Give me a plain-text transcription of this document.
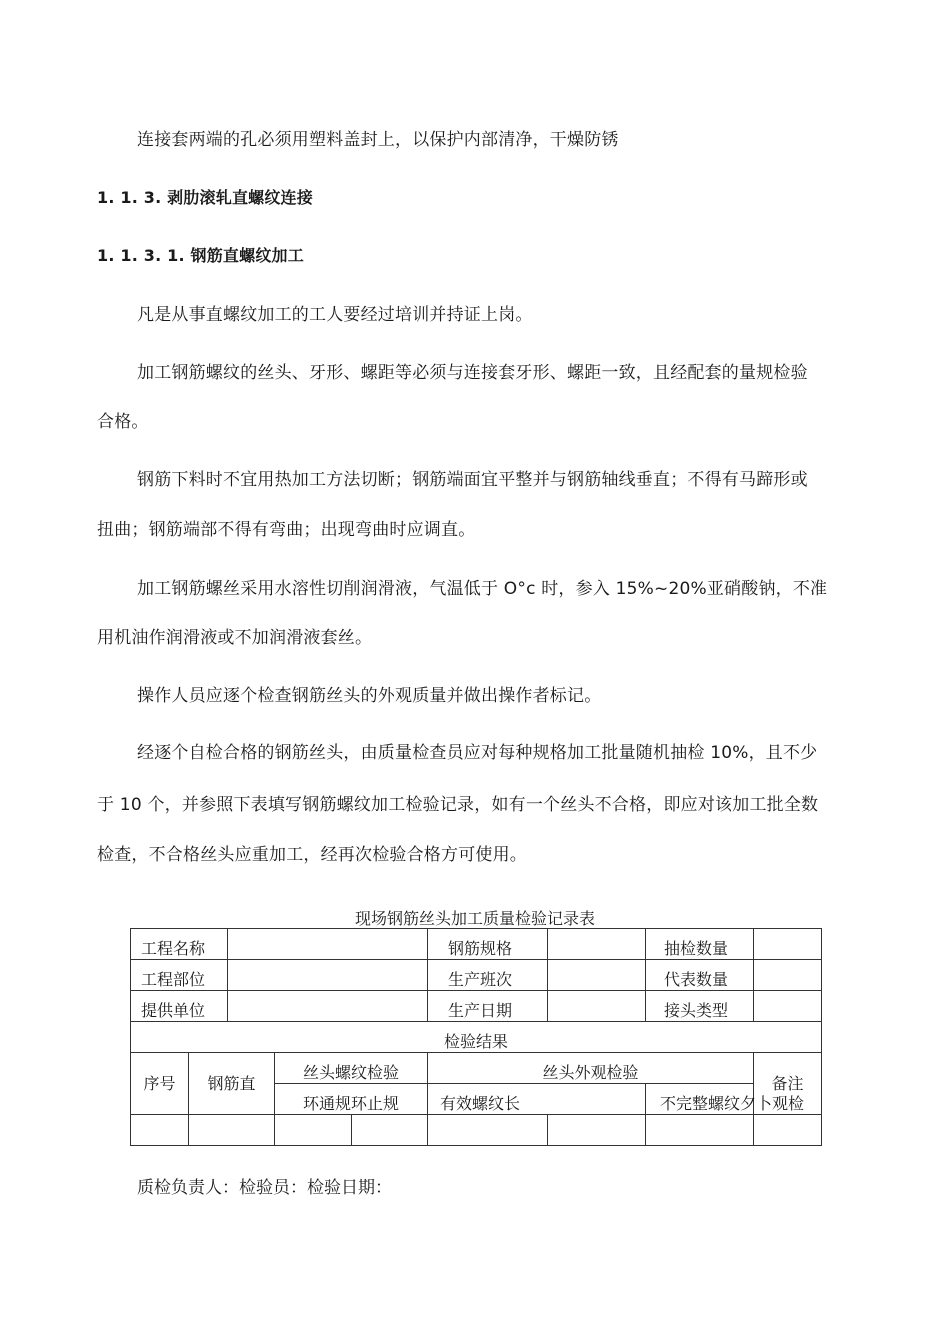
连接套两端的孔必须用塑料盖封上，以保护内部清净，干燥防锈
1. 1. 3. 剥肋滚轧直螺纹连接
1. 1. 3. 1. 钢筋直螺纹加工
凡是从事直螺纹加工的工人要经过培训并持证上岗。
加工钢筋螺纹的丝头、牙形、螺距等必须与连接套牙形、螺距一致，且经配套的量规检验
合格。
钢筋下料时不宜用热加工方法切断；钢筋端面宜平整并与钢筋轴线垂直；不得有马蹄形或
扭曲；钢筋端部不得有弯曲；出现弯曲时应调直。
加工钢筋螺丝采用水溶性切削润滑液，气温低于 O°c 时，参入 15%~20%亚硝酸钠，不准
用机油作润滑液或不加润滑液套丝。
操作人员应逐个检查钢筋丝头的外观质量并做出操作者标记。
经逐个自检合格的钢筋丝头，由质量检查员应对每种规格加工批量随机抽检 10%，且不少
于 10 个，并参照下表填写钢筋螺纹加工检验记录，如有一个丝头不合格，即应对该加工批全数
检查，不合格丝头应重加工，经再次检验合格方可使用。
现场钢筋丝头加工质量检验记录表
工程名称					钢筋规格		抽检数量	
工程部位					生产班次		代表数量	
提供单位					生产日期		接头类型	
检验结果								
序号	钢筋直		丝头螺纹检验		丝头外观检验			备注
			环通规环止规		有效螺纹长		不完整螺纹夕卜观检	

质检负责人：检验员：检验日期：
